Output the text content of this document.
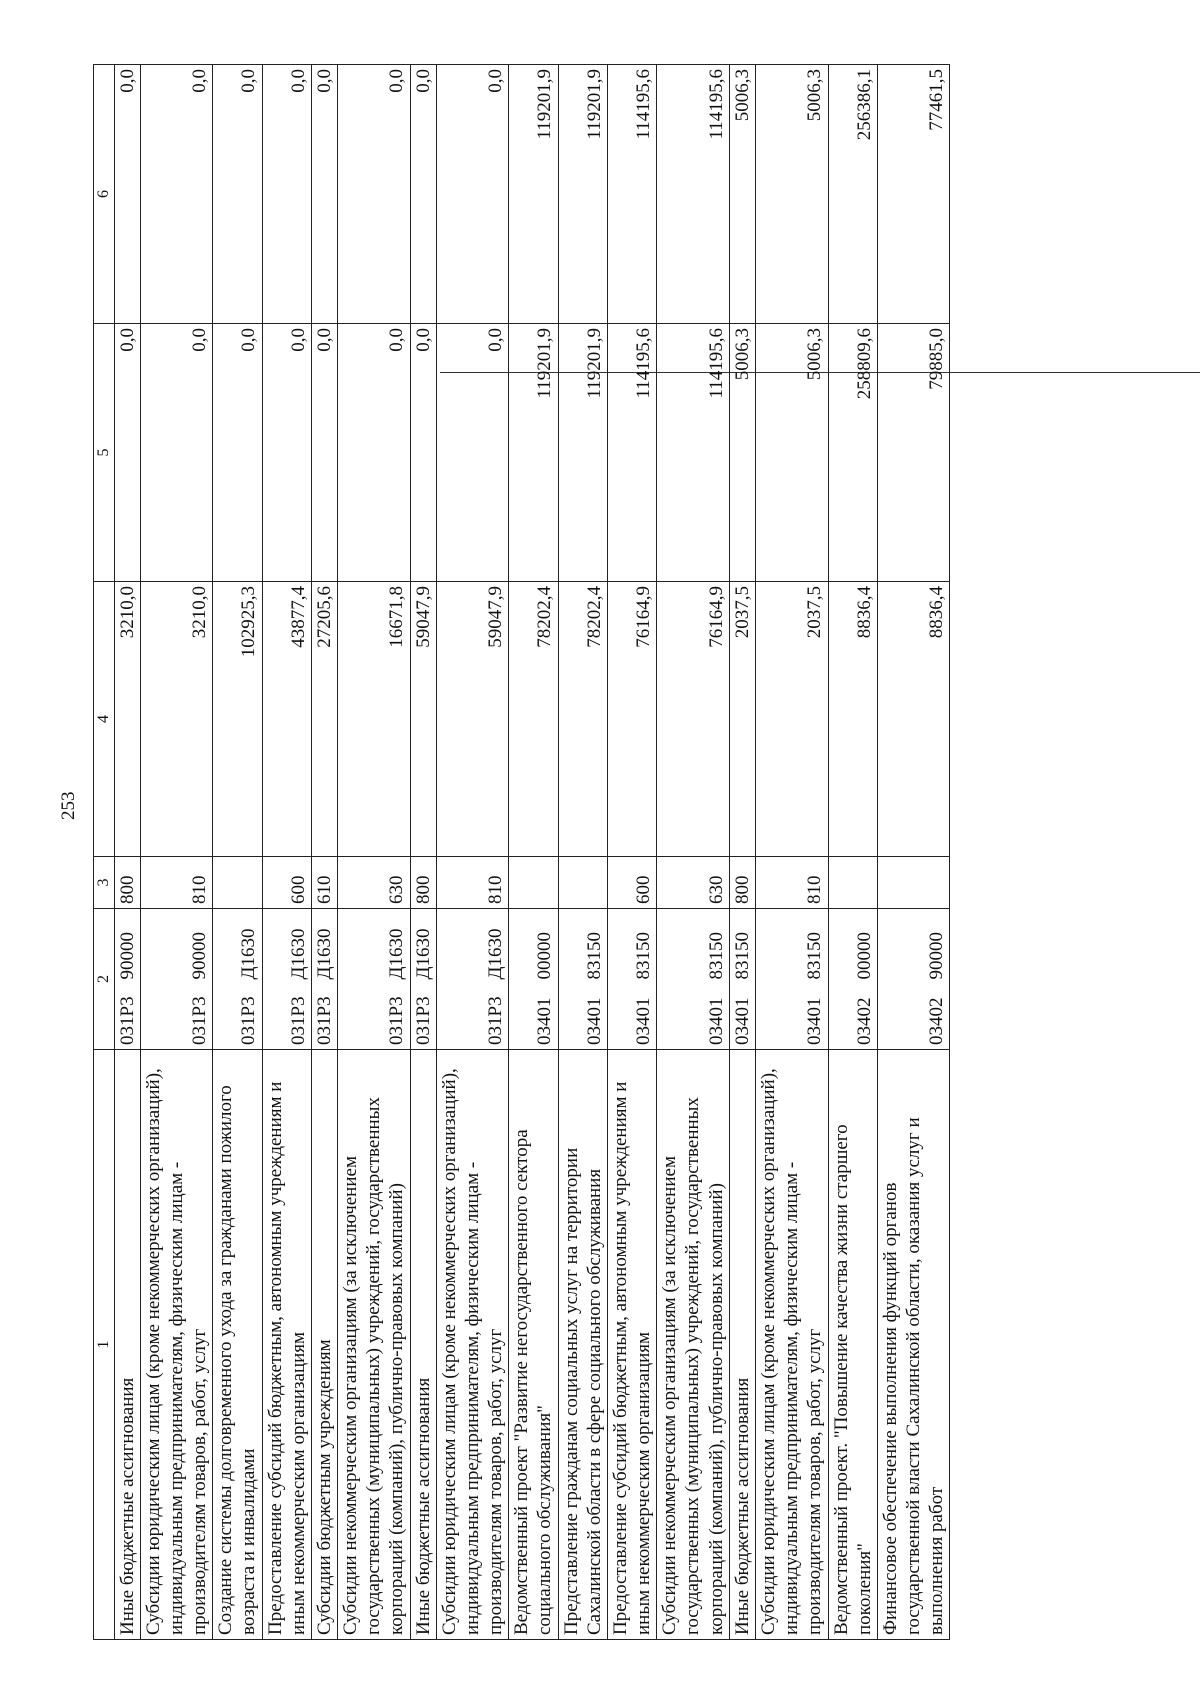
253
1	2		3	4	5	6
Иные бюджетные ассигнования	031Р3	90000	800	3210,0	0,0	0,0
Субсидии юридическим лицам (кроме некоммерческих организаций), индивидуальным предпринимателям, физическим лицам - производителям товаров, работ, услуг	031Р3	90000	810	3210,0	0,0	0,0
Создание системы долговременного ухода за гражданами пожилого возраста и инвалидами	031Р3	Д1630		102925,3	0,0	0,0
Предоставление субсидий бюджетным, автономным учреждениям и иным некоммерческим организациям	031Р3	Д1630	600	43877,4	0,0	0,0
Субсидии бюджетным учреждениям	031Р3	Д1630	610	27205,6	0,0	0,0
Субсидии некоммерческим организациям (за исключением государственных (муниципальных) учреждений, государственных корпораций (компаний), публично-правовых компаний)	031Р3	Д1630	630	16671,8	0,0	0,0
Иные бюджетные ассигнования	031Р3	Д1630	800	59047,9	0,0	0,0
Субсидии юридическим лицам (кроме некоммерческих организаций), индивидуальным предпринимателям, физическим лицам - производителям товаров, работ, услуг	031Р3	Д1630	810	59047,9	0,0	0,0
Ведомственный проект "Развитие негосударственного сектора социального обслуживания"	03401	00000		78202,4	119201,9	119201,9
Представление гражданам социальных услуг на территории Сахалинской области в сфере социального обслуживания	03401	83150		78202,4	119201,9	119201,9
Предоставление субсидий бюджетным, автономным учреждениям и иным некоммерческим организациям	03401	83150	600	76164,9	114195,6	114195,6
Субсидии некоммерческим организациям (за исключением государственных (муниципальных) учреждений, государственных корпораций (компаний), публично-правовых компаний)	03401	83150	630	76164,9	114195,6	114195,6
Иные бюджетные ассигнования	03401	83150	800	2037,5	5006,3	5006,3
Субсидии юридическим лицам (кроме некоммерческих организаций), индивидуальным предпринимателям, физическим лицам - производителям товаров, работ, услуг	03401	83150	810	2037,5	5006,3	5006,3
Ведомственный проект. "Повышение качества жизни старшего поколения"	03402	00000		8836,4	258809,6	256386,1
Финансовое обеспечение выполнения функций органов государственной власти Сахалинской области, оказания услуг и выполнения работ	03402	90000		8836,4	79885,0	77461,5
